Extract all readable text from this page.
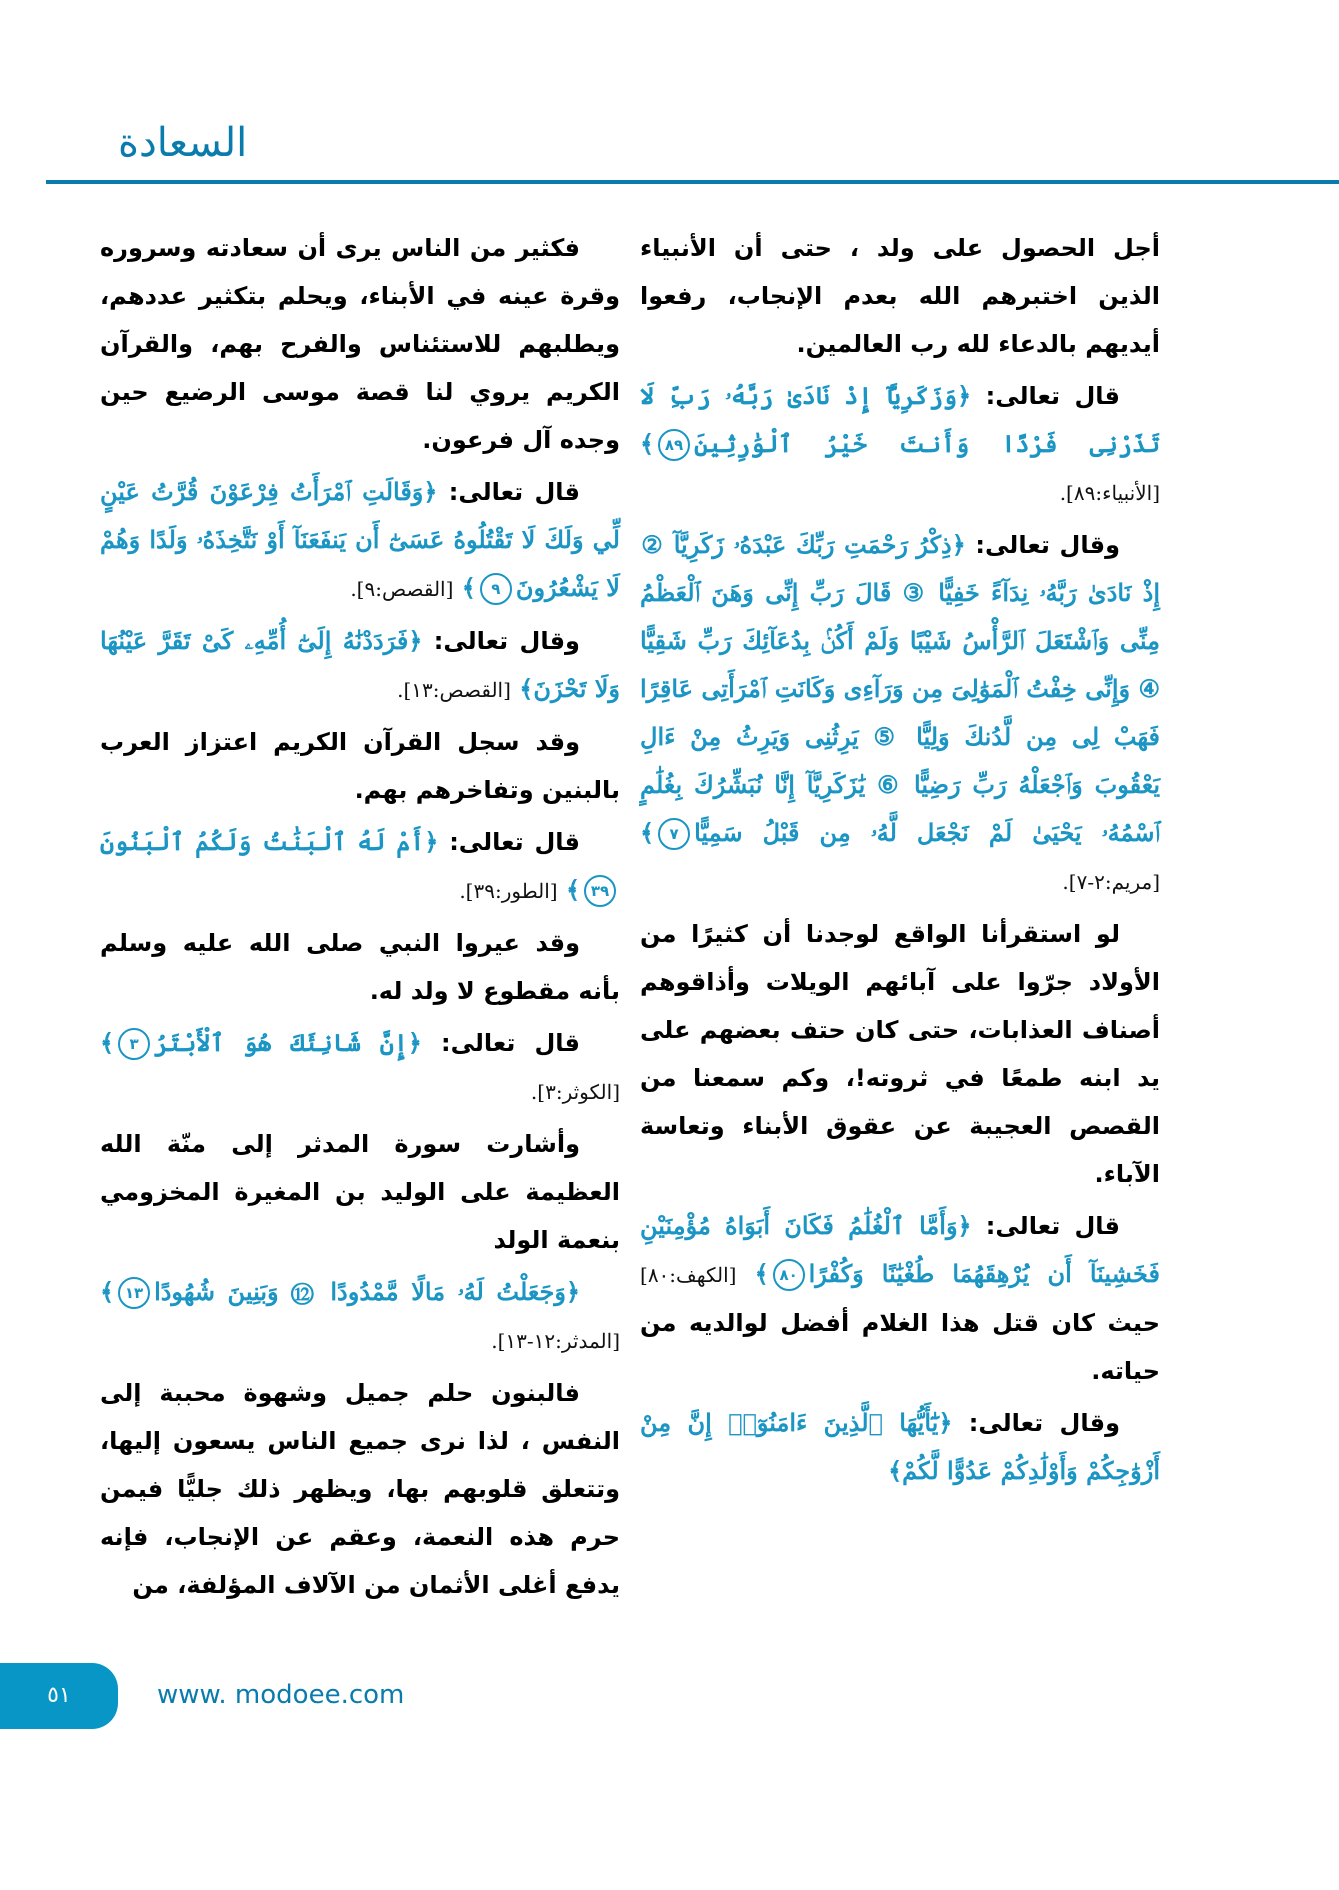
السعادة

فكثير من الناس يرى أن سعادته وسروره وقرة عينه في الأبناء، ويحلم بتكثير عددهم، ويطلبهم للاستئناس والفرح بهم، والقرآن الكريم يروي لنا قصة موسى الرضيع حين وجده آل فرعون.

قال تعالى: ﴿وَقَالَتِ ٱمْرَأَتُ فِرْعَوْنَ قُرَّتُ عَيْنٍ لِّي وَلَكَ لَا تَقْتُلُوهُ عَسَىٰٓ أَن يَنفَعَنَآ أَوْ نَتَّخِذَهُۥ وَلَدًا وَهُمْ لَا يَشْعُرُونَ٩﴾ [القصص:٩].

وقال تعالى: ﴿فَرَدَدْنَٰهُ إِلَىٰٓ أُمِّهِۦ كَىْ تَقَرَّ عَيْنُهَا وَلَا تَحْزَنَ﴾ [القصص:١٣].

وقد سجل القرآن الكريم اعتزاز العرب بالبنين وتفاخرهم بهم.

قال تعالى: ﴿أَمْ لَهُ ٱلْبَنَٰتُ وَلَكُمُ ٱلْبَنُونَ٣٩﴾ [الطور:٣٩].

وقد عيروا النبي صلى الله عليه وسلم بأنه مقطوع لا ولد له.

قال تعالى: ﴿إِنَّ شَانِئَكَ هُوَ ٱلْأَبْتَرُ٣﴾ [الكوثر:٣].

وأشارت سورة المدثر إلى منّة الله العظيمة على الوليد بن المغيرة المخزومي بنعمة الولد

﴿وَجَعَلْتُ لَهُۥ مَالًا مَّمْدُودًا ⑫ وَبَنِينَ شُهُودًا١٣﴾ [المدثر:١٢-١٣].

فالبنون حلم جميل وشهوة محببة إلى النفس ، لذا نرى جميع الناس يسعون إليها، وتتعلق قلوبهم بها، ويظهر ذلك جليًّا فيمن حرم هذه النعمة، وعقم عن الإنجاب، فإنه يدفع أغلى الأثمان من الآلاف المؤلفة، من

أجل الحصول على ولد ، حتى أن الأنبياء الذين اختبرهم الله بعدم الإنجاب، رفعوا أيديهم بالدعاء لله رب العالمين.

قال تعالى: ﴿وَزَكَرِيَّآ إِذْ نَادَىٰ رَبَّهُۥ رَبِّ لَا تَذَرْنِى فَرْدًا وَأَنتَ خَيْرُ ٱلْوَٰرِثِينَ٨٩﴾ [الأنبياء:٨٩].

وقال تعالى: ﴿ذِكْرُ رَحْمَتِ رَبِّكَ عَبْدَهُۥ زَكَرِيَّآ ② إِذْ نَادَىٰ رَبَّهُۥ نِدَآءً خَفِيًّا ③ قَالَ رَبِّ إِنِّى وَهَنَ ٱلْعَظْمُ مِنِّى وَٱشْتَعَلَ ٱلرَّأْسُ شَيْبًا وَلَمْ أَكُنۢ بِدُعَآئِكَ رَبِّ شَقِيًّا ④ وَإِنِّى خِفْتُ ٱلْمَوَٰلِىَ مِن وَرَآءِى وَكَانَتِ ٱمْرَأَتِى عَاقِرًا فَهَبْ لِى مِن لَّدُنكَ وَلِيًّا ⑤ يَرِثُنِى وَيَرِثُ مِنْ ءَالِ يَعْقُوبَ وَٱجْعَلْهُ رَبِّ رَضِيًّا ⑥ يَٰزَكَرِيَّآ إِنَّا نُبَشِّرُكَ بِغُلَٰمٍ ٱسْمُهُۥ يَحْيَىٰ لَمْ نَجْعَل لَّهُۥ مِن قَبْلُ سَمِيًّا٧﴾ [مريم:٢-٧].

لو استقرأنا الواقع لوجدنا أن كثيرًا من الأولاد جرّوا على آبائهم الويلات وأذاقوهم أصناف العذابات، حتى كان حتف بعضهم على يد ابنه طمعًا في ثروته!، وكم سمعنا من القصص العجيبة عن عقوق الأبناء وتعاسة الآباء.

قال تعالى: ﴿وَأَمَّا ٱلْغُلَٰمُ فَكَانَ أَبَوَاهُ مُؤْمِنَيْنِ فَخَشِينَآ أَن يُرْهِقَهُمَا طُغْيَٰنًا وَكُفْرًا٨٠﴾ [الكهف:٨٠] حيث كان قتل هذا الغلام أفضل لوالديه من حياته.

وقال تعالى: ﴿يَٰٓأَيُّهَا ٱلَّذِينَ ءَامَنُوٓا۟ إِنَّ مِنْ أَزْوَٰجِكُمْ وَأَوْلَٰدِكُمْ عَدُوًّا لَّكُمْ﴾

٥١	www. modoee.com
